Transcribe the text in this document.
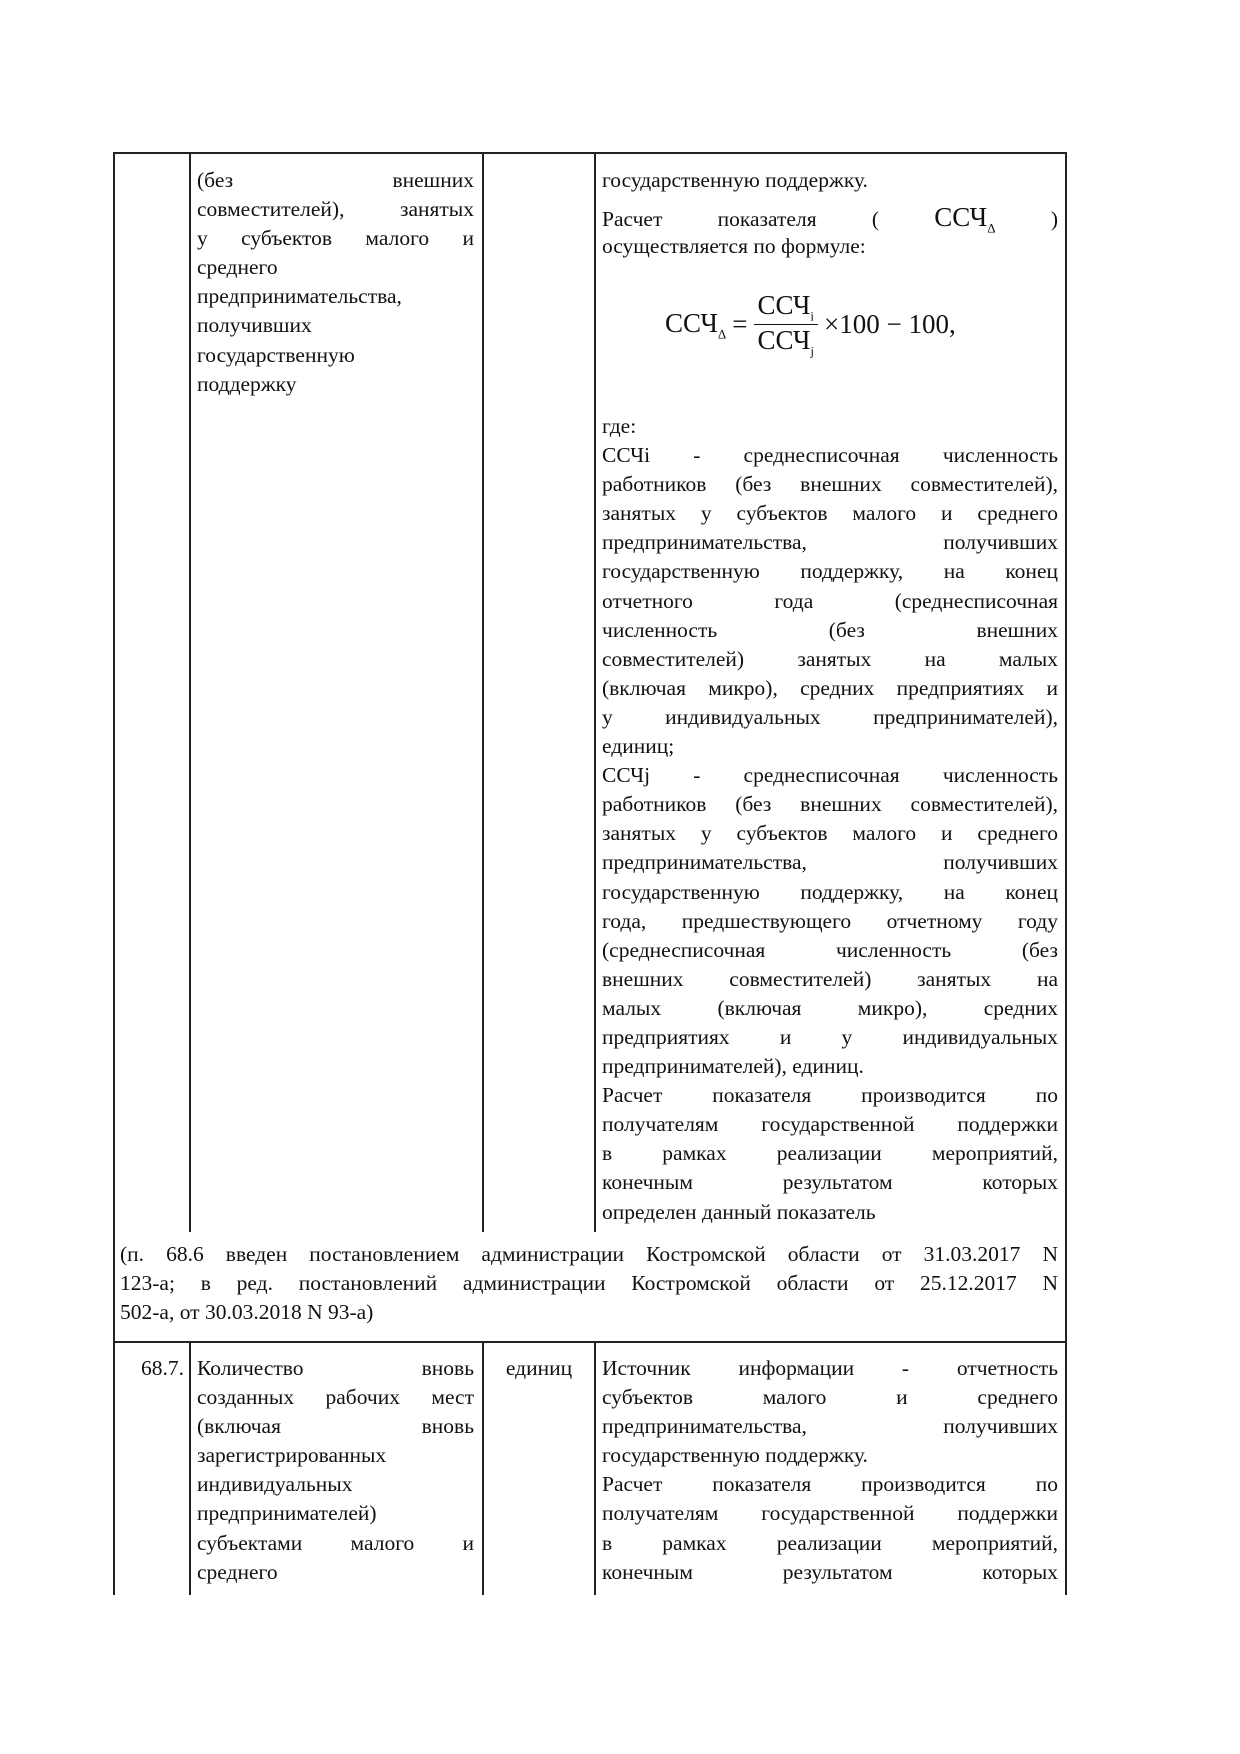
(без внешних
совместителей), занятых
у субъектов малого и
среднего
предпринимательства,
получивших
государственную
поддержку
государственную поддержку.
Расчет показателя ( $ССЧ_\Delta$	)
осуществляется по формуле:
$ССЧ_\Delta = \frac{ССЧ_i}{ССЧ_j} \times 100 - 100$,
где:
ССЧi - среднесписочная численность
работников (без внешних совместителей),
занятых у субъектов малого и среднего
предпринимательства, получивших
государственную поддержку, на конец
отчетного года (среднесписочная
численность (без внешних
совместителей) занятых на малых
(включая микро), средних предприятиях и
у индивидуальных предпринимателей),
единиц;
ССЧj - среднесписочная численность
работников (без внешних совместителей),
занятых у субъектов малого и среднего
предпринимательства, получивших
государственную поддержку, на конец
года, предшествующего отчетному году
(среднесписочная численность (без
внешних совместителей) занятых на
малых (включая микро), средних
предприятиях и у индивидуальных
предпринимателей), единиц.
Расчет показателя производится по
получателям государственной поддержки
в рамках реализации мероприятий,
конечным результатом которых
определен данный показатель
(п. 68.6 введен постановлением администрации Костромской области от 31.03.2017 N
123-а; в ред. постановлений администрации Костромской области от 25.12.2017 N
502-а, от 30.03.2018 N 93-а)
68.7. Количество вновь
созданных рабочих мест
(включая вновь
зарегистрированных
индивидуальных
предпринимателей)
субъектами малого и
среднего
единиц	Источник информации - отчетность
субъектов малого и среднего
предпринимательства, получивших
государственную поддержку.
Расчет показателя производится по
получателям государственной поддержки
в рамках реализации мероприятий,
конечным результатом которых
